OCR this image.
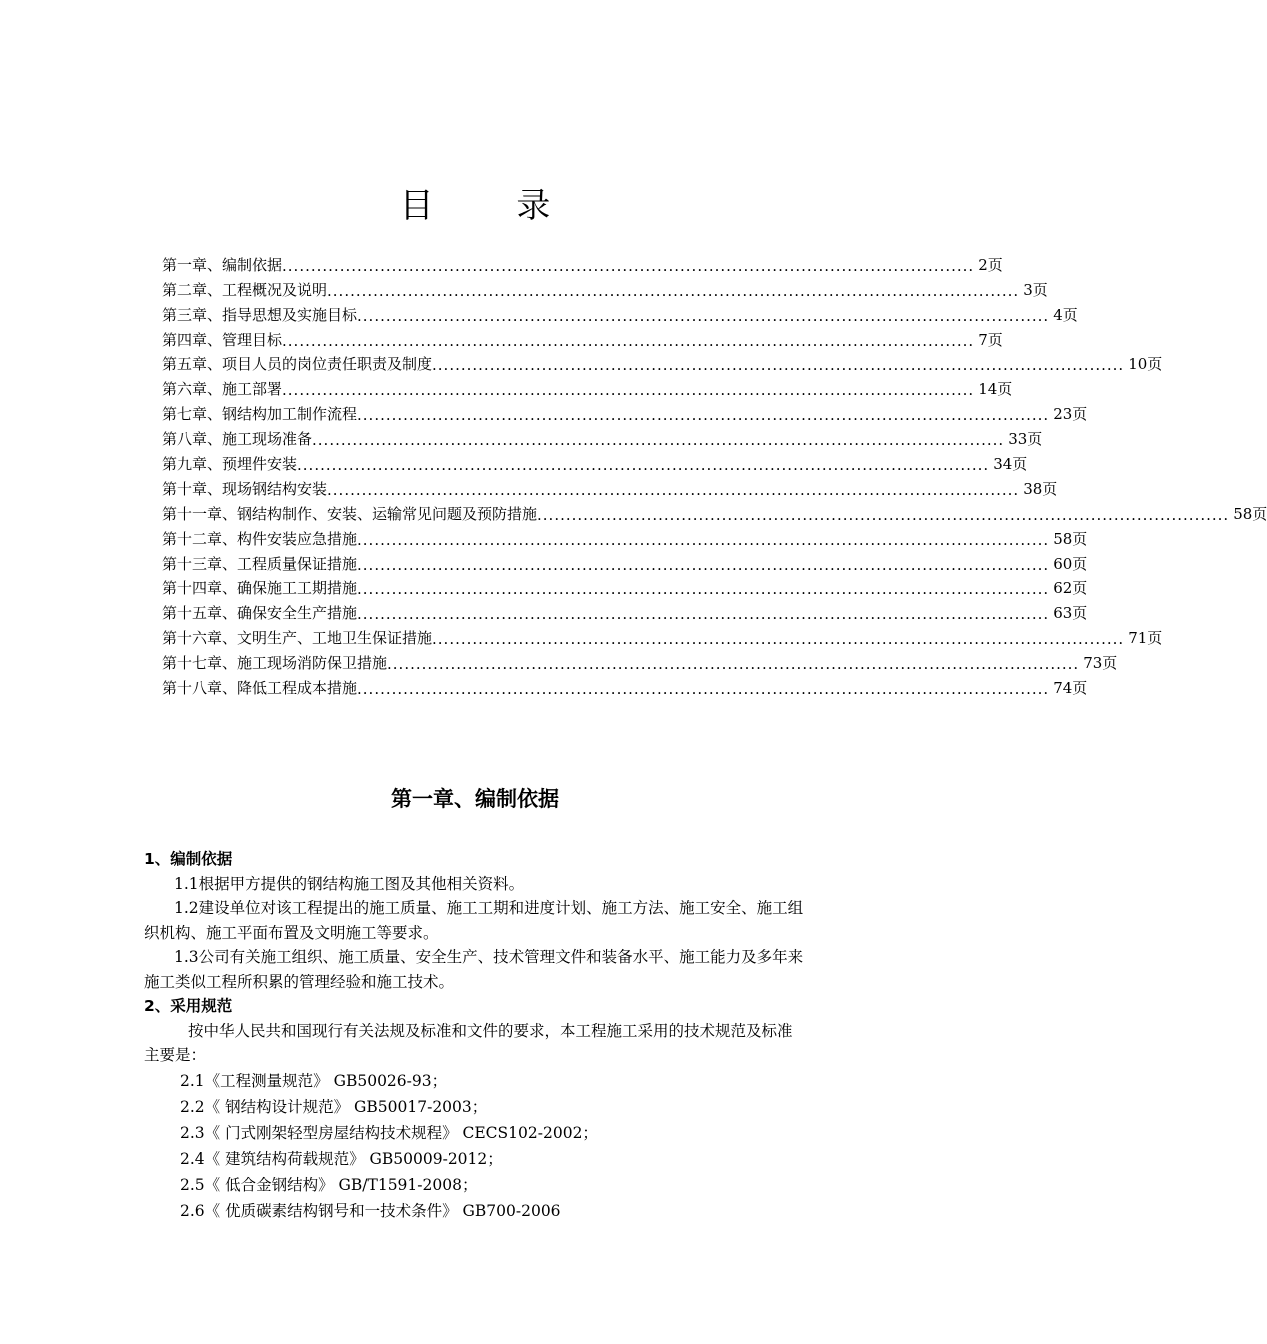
目 录
第一章、编制依据 ........................................................................................................................ 2页
第二章、工程概况及说明 ........................................................................................................................ 3页
第三章、指导思想及实施目标 ........................................................................................................................ 4页
第四章、管理目标 ........................................................................................................................ 7页
第五章、项目人员的岗位责任职责及制度 ........................................................................................................................ 10页
第六章、施工部署 ........................................................................................................................ 14页
第七章、钢结构加工制作流程 ........................................................................................................................ 23页
第八章、施工现场准备 ........................................................................................................................ 33页
第九章、预埋件安装 ........................................................................................................................ 34页
第十章、现场钢结构安装 ........................................................................................................................ 38页
第十一章、钢结构制作、安装、运输常见问题及预防措施 ........................................................................................................................ 58页
第十二章、构件安装应急措施 ........................................................................................................................ 58页
第十三章、工程质量保证措施 ........................................................................................................................ 60页
第十四章、确保施工工期措施 ........................................................................................................................ 62页
第十五章、确保安全生产措施 ........................................................................................................................ 63页
第十六章、文明生产、工地卫生保证措施 ........................................................................................................................ 71页
第十七章、施工现场消防保卫措施 ........................................................................................................................ 73页
第十八章、降低工程成本措施 ........................................................................................................................ 74页
第一章、编制依据
1、编制依据

1.1根据甲方提供的钢结构施工图及其他相关资料。

1.2建设单位对该工程提出的施工质量、施工工期和进度计划、施工方法、施工安全、施工组织机构、施工平面布置及文明施工等要求。

1.3公司有关施工组织、施工质量、安全生产、技术管理文件和装备水平、施工能力及多年来施工类似工程所积累的管理经验和施工技术。

2、采用规范

按中华人民共和国现行有关法规及标准和文件的要求，本工程施工采用的技术规范及标准主要是：

2.1《工程测量规范》 GB50026-93；
2.2《 钢结构设计规范》 GB50017-2003；
2.3《 门式刚架轻型房屋结构技术规程》 CECS102-2002；
2.4《 建筑结构荷载规范》 GB50009-2012；
2.5《 低合金钢结构》 GB/T1591-2008；
2.6《 优质碳素结构钢号和一技术条件》 GB700-2006
